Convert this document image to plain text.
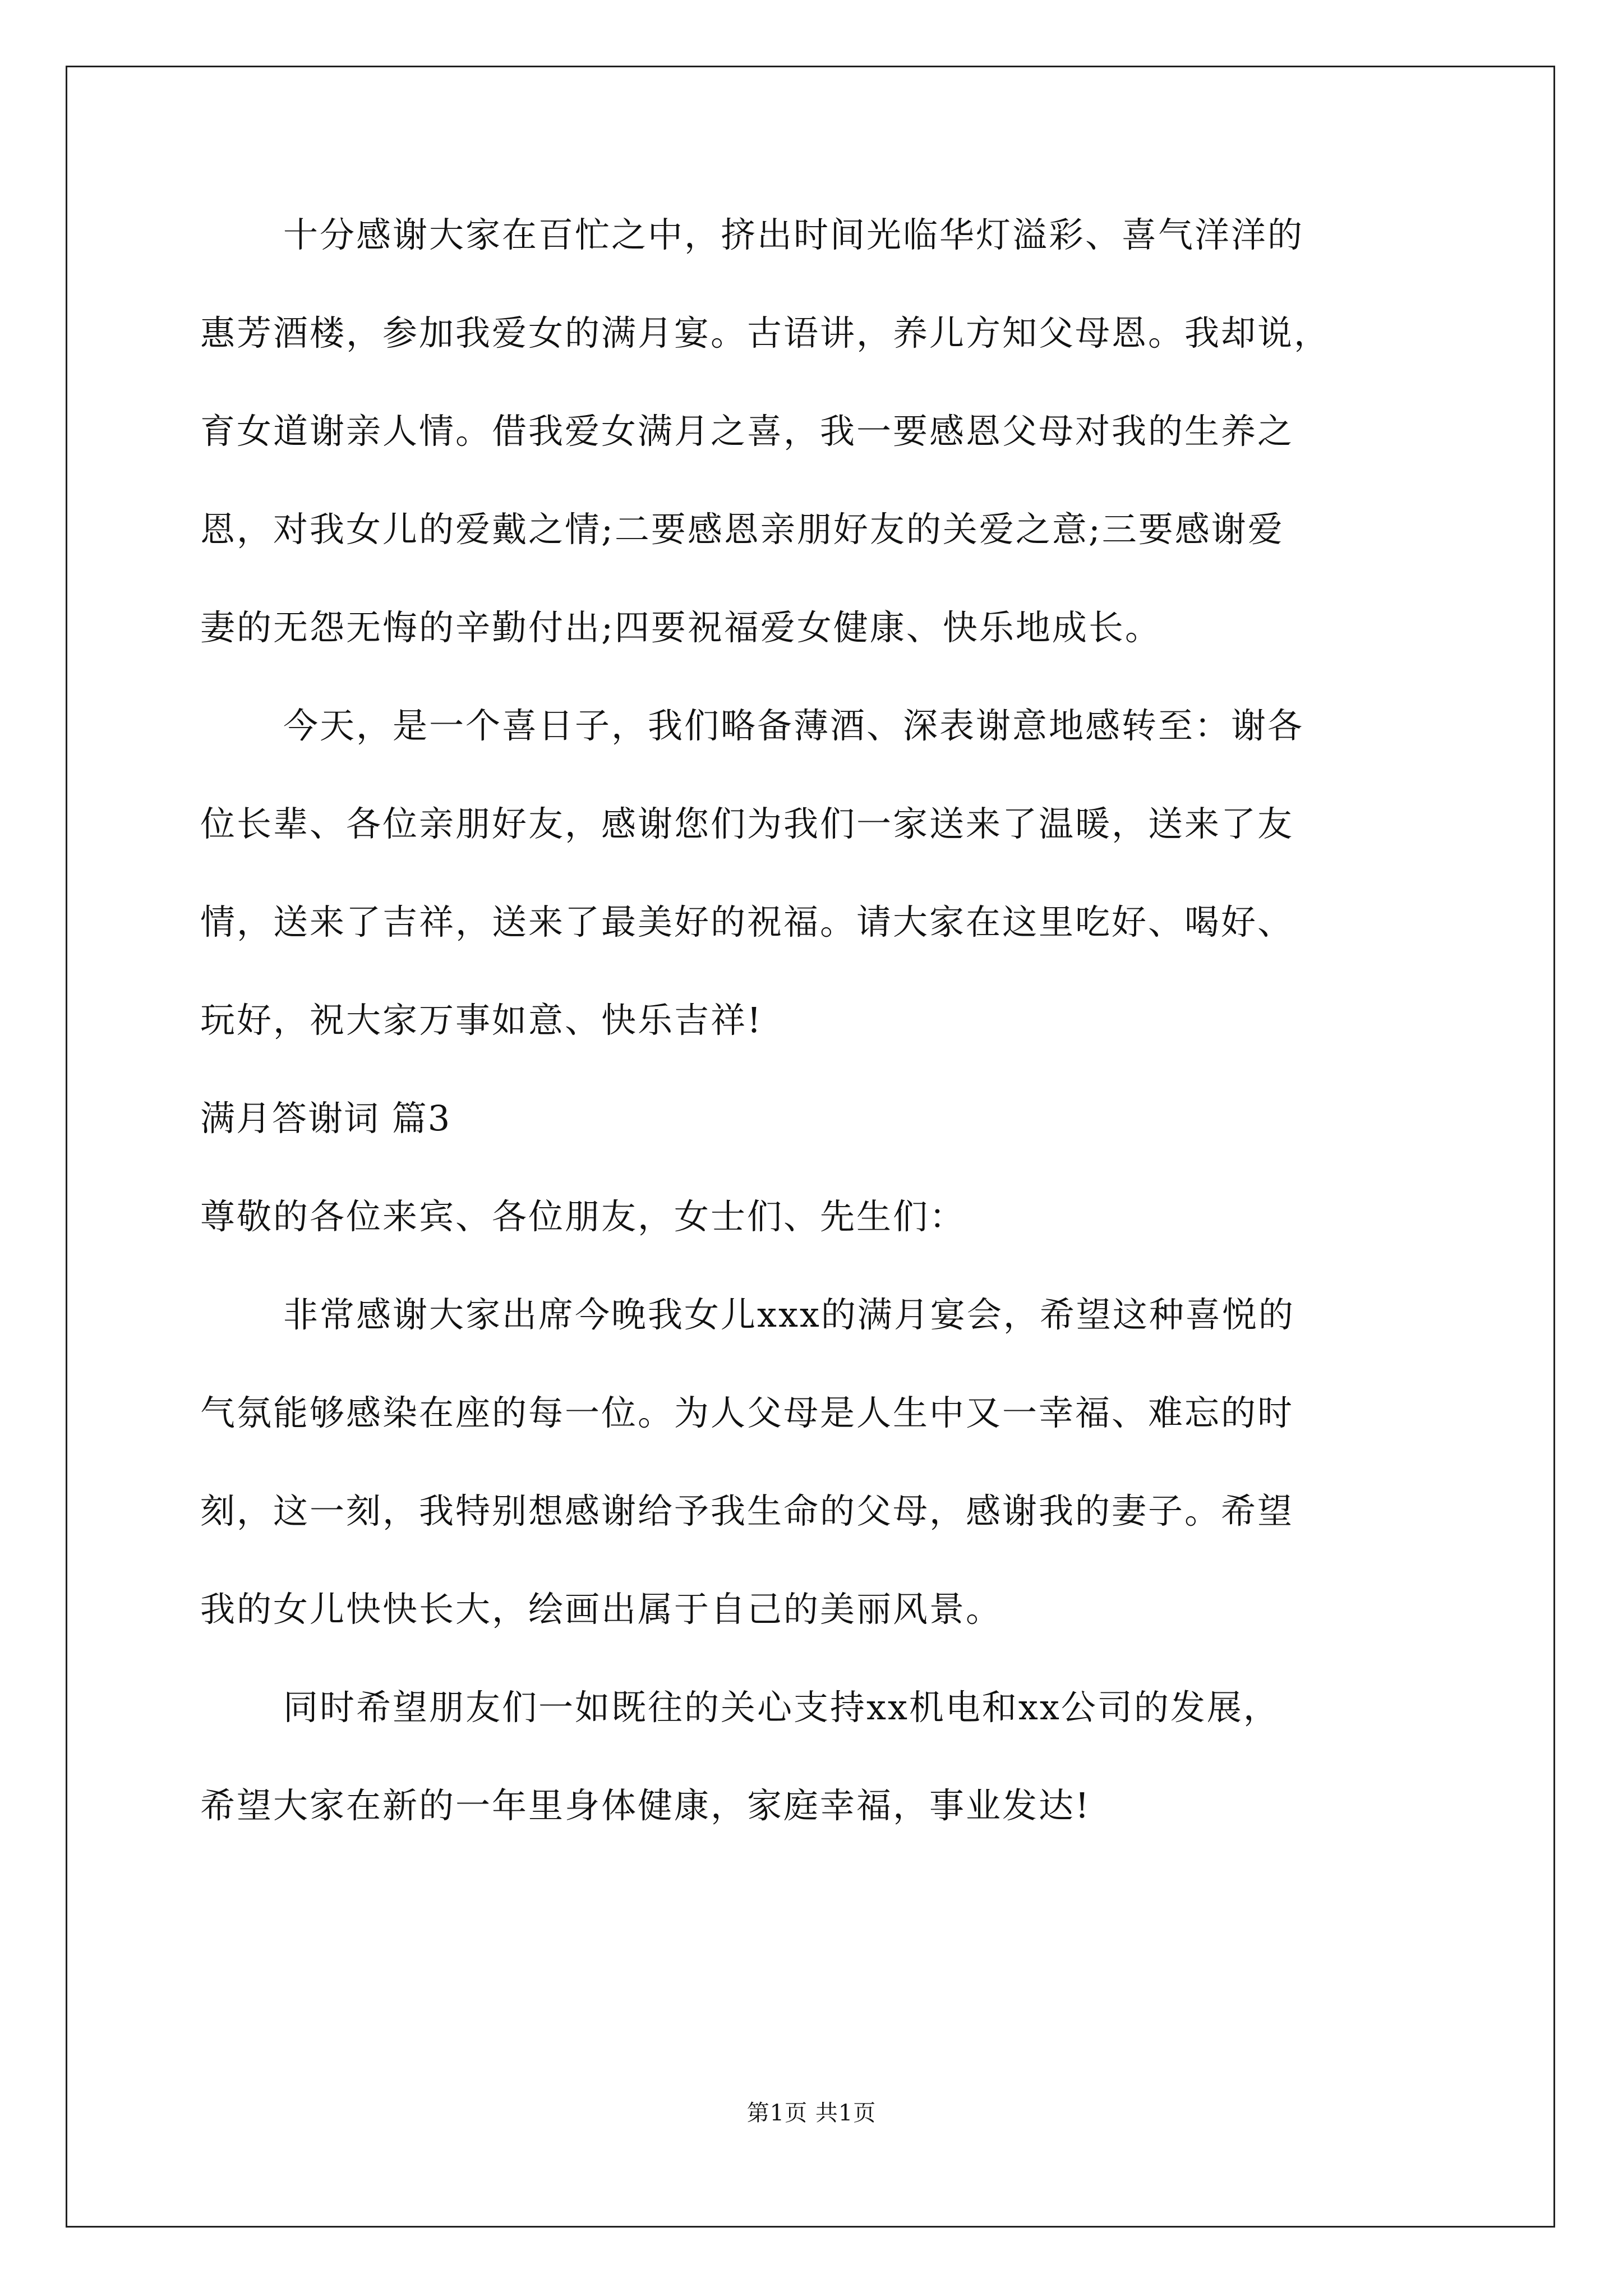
十分感谢大家在百忙之中，挤出时间光临华灯溢彩、喜气洋洋的
惠芳酒楼，参加我爱女的满月宴。古语讲，养儿方知父母恩。我却说，
育女道谢亲人情。借我爱女满月之喜，我一要感恩父母对我的生养之
恩，对我女儿的爱戴之情;二要感恩亲朋好友的关爱之意;三要感谢爱
妻的无怨无悔的辛勤付出;四要祝福爱女健康、快乐地成长。
今天，是一个喜日子，我们略备薄酒、深表谢意地感转至：谢各
位长辈、各位亲朋好友，感谢您们为我们一家送来了温暖，送来了友
情，送来了吉祥，送来了最美好的祝福。请大家在这里吃好、喝好、
玩好，祝大家万事如意、快乐吉祥!
满月答谢词 篇3
尊敬的各位来宾、各位朋友，女士们、先生们：
非常感谢大家出席今晚我女儿xxx的满月宴会，希望这种喜悦的
气氛能够感染在座的每一位。为人父母是人生中又一幸福、难忘的时
刻，这一刻，我特别想感谢给予我生命的父母，感谢我的妻子。希望
我的女儿快快长大，绘画出属于自己的美丽风景。
同时希望朋友们一如既往的关心支持xx机电和xx公司的发展，
希望大家在新的一年里身体健康，家庭幸福，事业发达!
第1页 共1页
